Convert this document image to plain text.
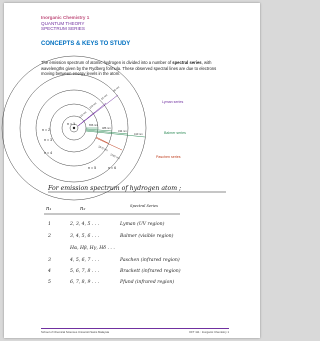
Inorganic Chemistry 1
QUANTUM THEORY
SPECTRUM SERIES
CONCEPTS & KEYS TO STUDY
The emission spectrum of atomic hydrogen is divided into a number of spectral series, with wavelengths given by the Rydberg formula. These observed spectral lines are due to electrons moving between energy levels in the atom.
Lyman series
Balmer series
Paschen series
n = 1
n = 2
n = 3
n = 4
n = 5	n = 6
122 nm
103 nm
97 nm
95 nm
656 nm
486 nm
434 nm
410 nm
1875 nm
1282 nm
For emission spectrum of hydrogen atom ;
n₁	n₂	Spectral Series
1	2, 3, 4, 5 . . .	Lyman (UV region)
2	3, 4, 5, 6 . . .	Balmer (visible region)
Hα, Hβ, Hγ, Hδ . . .
3	4, 5, 6, 7 . . .	Paschen (infrared region)
4	5, 6, 7, 8 . . .	Brackett (infrared region)
5	6, 7, 8, 9 . . .	Pfund (infrared region)
School of Chemical Sciences Universiti Sains Malaysia	KFT 111 : Inorganic Chemistry 1
